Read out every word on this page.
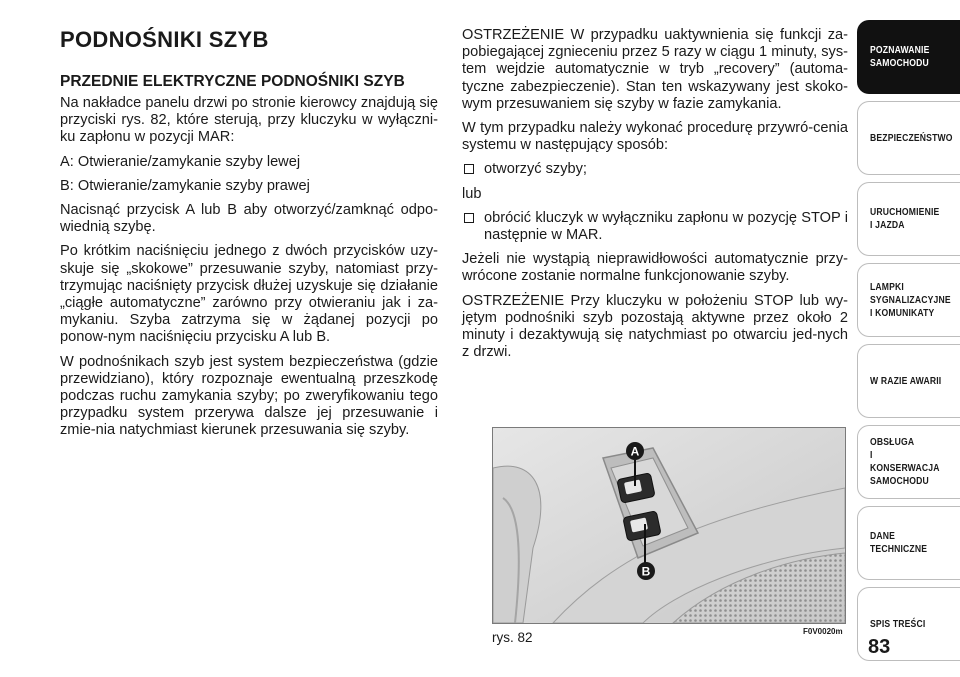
PODNOŚNIKI SZYB
PRZEDNIE ELEKTRYCZNE PODNOŚNIKI SZYB

Na nakładce panelu drzwi po stronie kierowcy znajdują się przyciski rys. 82, które sterują, przy kluczyku w wyłączni-ku zapłonu w pozycji MAR:

A: Otwieranie/zamykanie szyby lewej

B: Otwieranie/zamykanie szyby prawej

Nacisnąć przycisk A lub B aby otworzyć/zamknąć odpo-wiednią szybę.

Po krótkim naciśnięciu jednego z dwóch przycisków uzy-skuje się „skokowe” przesuwanie szyby, natomiast przy-trzymując naciśnięty przycisk dłużej uzyskuje się działanie „ciągłe automatyczne” zarówno przy otwieraniu jak i za-mykaniu. Szyba zatrzyma się w żądanej pozycji po ponow-nym naciśnięciu przycisku A lub B.

W podnośnikach szyb jest system bezpieczeństwa (gdzie przewidziano), który rozpoznaje ewentualną przeszkodę podczas ruchu zamykania szyby; po zweryfikowaniu tego przypadku system przerywa dalsze jej przesuwanie i zmie-nia natychmiast kierunek przesuwania się szyby.

OSTRZEŻENIE W przypadku uaktywnienia się funkcji za-pobiegającej zgnieceniu przez 5 razy w ciągu 1 minuty, sys-tem wejdzie automatycznie w tryb „recovery” (automa-tyczne zabezpieczenie). Stan ten wskazywany jest skoko-wym przesuwaniem się szyby w fazie zamykania.

W tym przypadku należy wykonać procedurę przywró-cenia systemu w następujący sposób:

otworzyć szyby;

lub

obrócić kluczyk w wyłączniku zapłonu w pozycję STOP i następnie w MAR.

Jeżeli nie wystąpią nieprawidłowości automatycznie przy-wrócone zostanie normalne funkcjonowanie szyby.

OSTRZEŻENIE Przy kluczyku w położeniu STOP lub wy-jętym podnośniki szyb pozostają aktywne przez około 2 minuty i dezaktywują się natychmiast po otwarciu jed-nych z drzwi.

A
B
rys. 82	F0V0020m
POZNAWANIE
SAMOCHODU
BEZPIECZEŃSTWO
URUCHOMIENIE
I JAZDA
LAMPKI
SYGNALIZACYJNE
I KOMUNIKATY
W RAZIE AWARII
OBSŁUGA
I KONSERWACJA
SAMOCHODU
DANE
TECHNICZNE
SPIS TREŚCI
83
